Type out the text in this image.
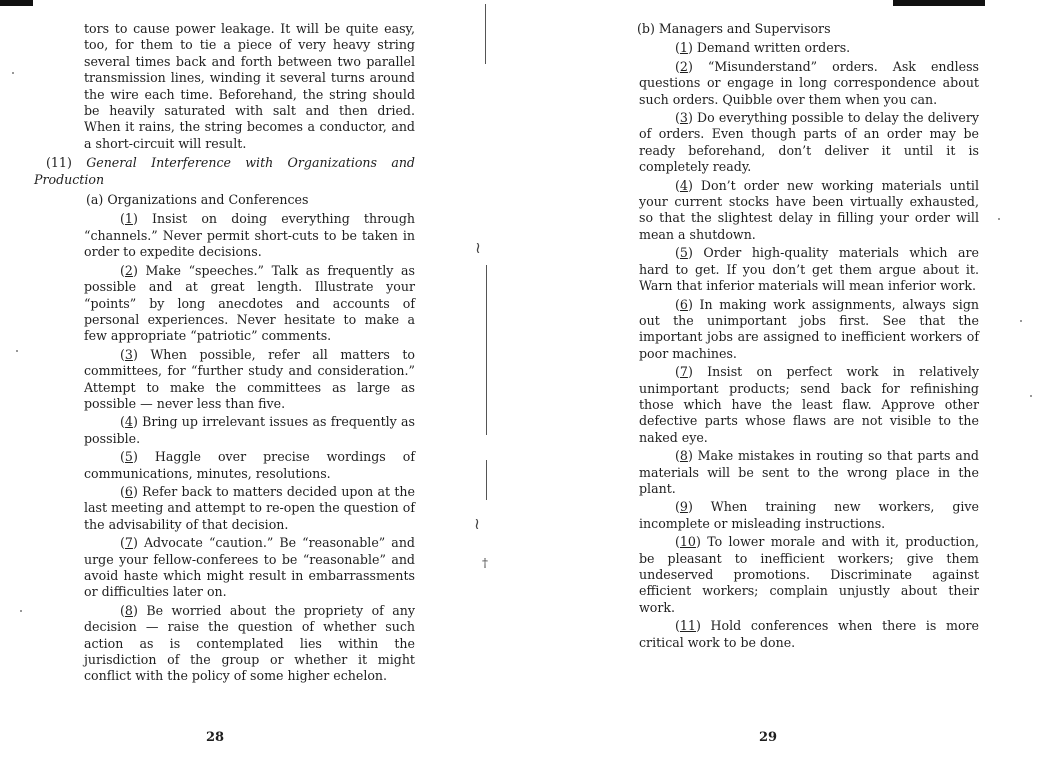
tors to cause power leakage. It will be quite easy, too, for them to tie a piece of very heavy string several times back and forth between two parallel transmission lines, winding it several turns around the wire each time. Beforehand, the string should be heavily saturated with salt and then dried. When it rains, the string becomes a conductor, and a short-circuit will result.

(11) General Interference with Organizations and Production

(a) Organizations and Conferences

(1) Insist on doing everything through “channels.” Never permit short-cuts to be taken in order to expedite decisions.

(2) Make “speeches.” Talk as frequently as possible and at great length. Illustrate your “points” by long anecdotes and accounts of personal experiences. Never hesitate to make a few appropriate “patriotic” comments.

(3) When possible, refer all matters to committees, for “further study and consideration.” Attempt to make the committees as large as possible — never less than five.

(4) Bring up irrelevant issues as frequently as possible.

(5) Haggle over precise wordings of communications, minutes, resolutions.

(6) Refer back to matters decided upon at the last meeting and attempt to re-open the question of the advisability of that decision.

(7) Advocate “caution.” Be “reasonable” and urge your fellow-conferees to be “reasonable” and avoid haste which might result in embarrassments or difficulties later on.

(8) Be worried about the propriety of any decision — raise the question of whether such action as is contemplated lies within the jurisdiction of the group or whether it might conflict with the policy of some higher echelon.

28
≀
≀
†

(b) Managers and Supervisors

(1) Demand written orders.

(2) “Misunderstand” orders. Ask endless questions or engage in long correspondence about such orders. Quibble over them when you can.

(3) Do everything possible to delay the delivery of orders. Even though parts of an order may be ready beforehand, don’t deliver it until it is completely ready.

(4) Don’t order new working materials until your current stocks have been virtually exhausted, so that the slightest delay in filling your order will mean a shutdown.

(5) Order high-quality materials which are hard to get. If you don’t get them argue about it. Warn that inferior materials will mean inferior work.

(6) In making work assignments, always sign out the unimportant jobs first. See that the important jobs are assigned to inefficient workers of poor machines.

(7) Insist on perfect work in relatively unimportant products; send back for refinishing those which have the least flaw. Approve other defective parts whose flaws are not visible to the naked eye.

(8) Make mistakes in routing so that parts and materials will be sent to the wrong place in the plant.

(9) When training new workers, give incomplete or misleading instructions.

(10) To lower morale and with it, production, be pleasant to inefficient workers; give them undeserved promotions. Discriminate against efficient workers; complain unjustly about their work.

(11) Hold conferences when there is more critical work to be done.

29
